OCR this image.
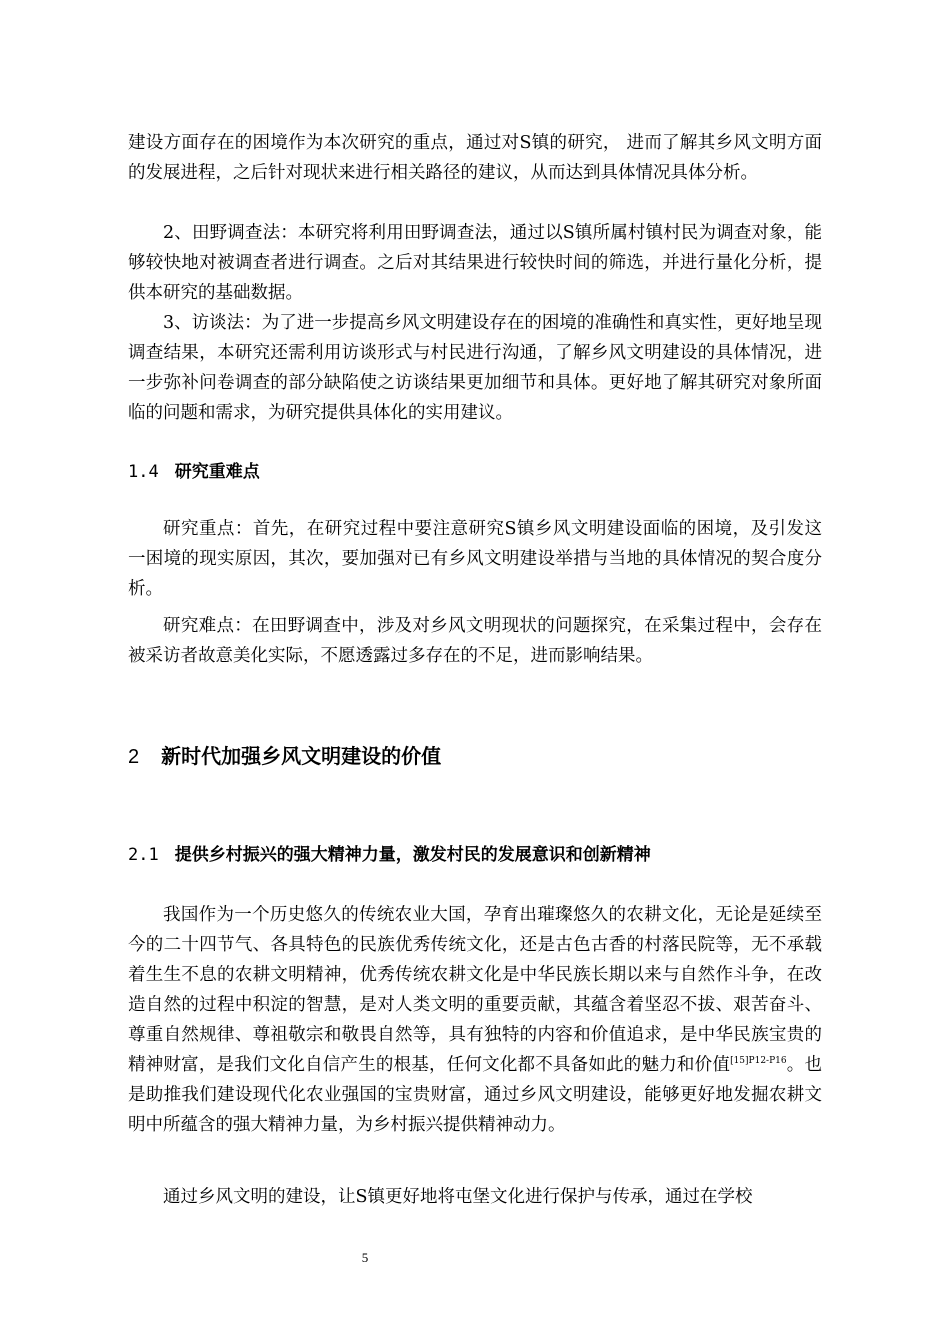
建设方面存在的困境作为本次研究的重点，通过对S镇的研究， 进而了解其乡风文明方面的发展进程，之后针对现状来进行相关路径的建议，从而达到具体情况具体分析。

2、田野调查法：本研究将利用田野调查法，通过以S镇所属村镇村民为调查对象，能够较快地对被调查者进行调查。之后对其结果进行较快时间的筛选，并进行量化分析，提供本研究的基础数据。

3、访谈法：为了进一步提高乡风文明建设存在的困境的准确性和真实性，更好地呈现调查结果，本研究还需利用访谈形式与村民进行沟通，了解乡风文明建设的具体情况，进一步弥补问卷调查的部分缺陷使之访谈结果更加细节和具体。更好地了解其研究对象所面临的问题和需求，为研究提供具体化的实用建议。

1.4 研究重难点

研究重点：首先，在研究过程中要注意研究S镇乡风文明建设面临的困境，及引发这一困境的现实原因，其次，要加强对已有乡风文明建设举措与当地的具体情况的契合度分析。

研究难点：在田野调查中，涉及对乡风文明现状的问题探究，在采集过程中，会存在被采访者故意美化实际，不愿透露过多存在的不足，进而影响结果。

2 新时代加强乡风文明建设的价值
2.1 提供乡村振兴的强大精神力量，激发村民的发展意识和创新精神

我国作为一个历史悠久的传统农业大国，孕育出璀璨悠久的农耕文化，无论是延续至今的二十四节气、各具特色的民族优秀传统文化，还是古色古香的村落民院等，无不承载着生生不息的农耕文明精神，优秀传统农耕文化是中华民族长期以来与自然作斗争，在改造自然的过程中积淀的智慧，是对人类文明的重要贡献，其蕴含着坚忍不拔、艰苦奋斗、尊重自然规律、尊祖敬宗和敬畏自然等，具有独特的内容和价值追求，是中华民族宝贵的精神财富，是我们文化自信产生的根基，任何文化都不具备如此的魅力和价值$^{[15]P12-P16}$。也是助推我们建设现代化农业强国的宝贵财富，通过乡风文明建设，能够更好地发掘农耕文明中所蕴含的强大精神力量，为乡村振兴提供精神动力。

通过乡风文明的建设，让S镇更好地将屯堡文化进行保护与传承，通过在学校

5
